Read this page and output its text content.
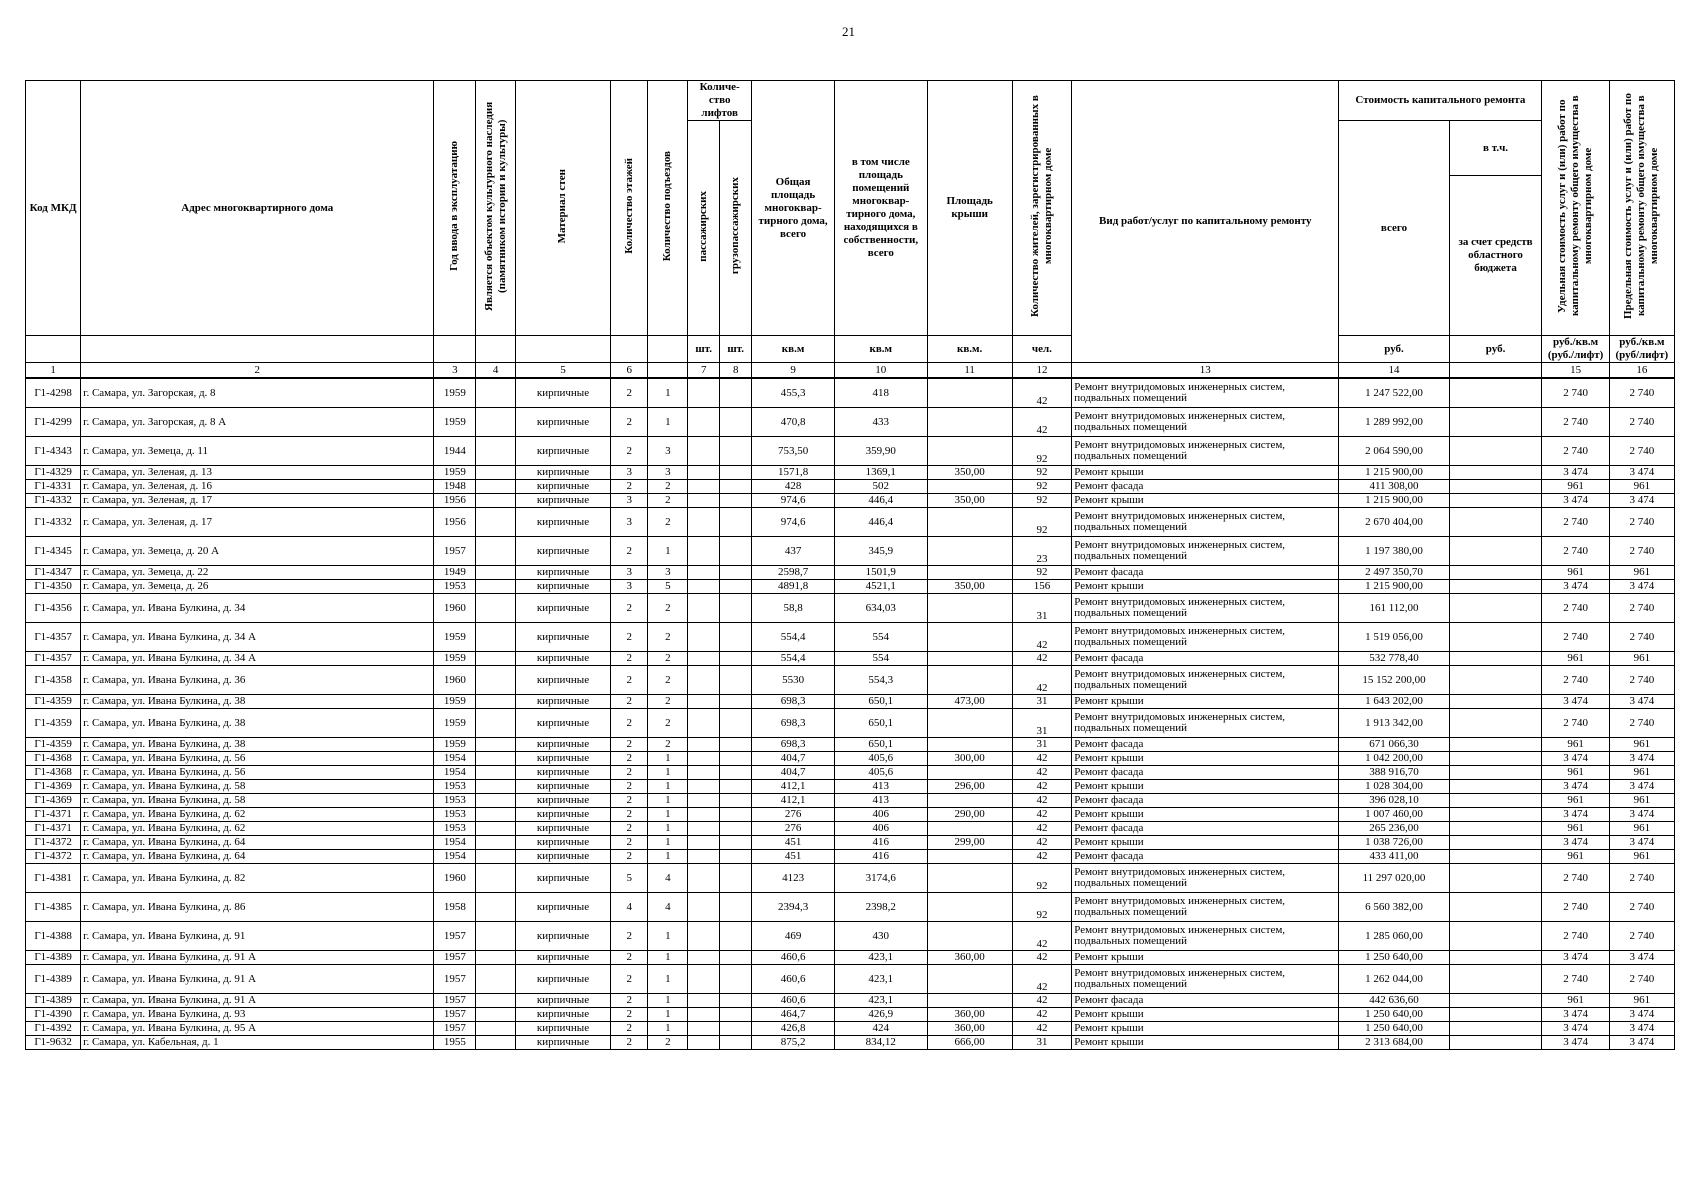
21
Код МКД	Адрес многоквартирного дома	Год ввода в эксплуатацию	Является объектом культурного наследия (памятником истории и культуры)	Материал стен	Количество этажей	Количество подъездов	Количе-ство лифтов		Общая площадь многоквар-тирного дома, всего	в том числе площадь помещений многоквар-тирного дома, находящихся в собственности, всего	Площадь крыши	Количество жителей, зарегистрированных в многоквартирном доме	Вид работ/услуг по капитальному ремонту	Стоимость капитального ремонта		Удельная стоимость услуг и (или) работ по капитальному ремонту общего имущества в многоквартирном доме	Предельная стоимость услуг и (или) работ по капитальному ремонту общего имущества в многоквартирном доме
							пассажирских	грузопассажирских						всего	в т.ч.		
															за счет средств областного бюджета		
							шт.	шт.	кв.м	кв.м	кв.м.	чел.		руб.	руб.	руб./кв.м (руб./лифт)	руб./кв.м (руб/лифт)
1	2	3	4	5	6		7	8	9	10	11	12	13	14		15	16
Г1-4298	г. Самара, ул. Загорская, д. 8	1959		кирпичные	2	1			455,3	418		42	Ремонт внутридомовых инженерных систем, подвальных помещений	1 247 522,00		2 740	2 740
Г1-4299	г. Самара, ул. Загорская, д. 8 А	1959		кирпичные	2	1			470,8	433		42	Ремонт внутридомовых инженерных систем, подвальных помещений	1 289 992,00		2 740	2 740
Г1-4343	г. Самара, ул. Земеца, д. 11	1944		кирпичные	2	3			753,50	359,90		92	Ремонт внутридомовых инженерных систем, подвальных помещений	2 064 590,00		2 740	2 740
Г1-4329	г. Самара, ул. Зеленая, д. 13	1959		кирпичные	3	3			1571,8	1369,1	350,00	92	Ремонт крыши	1 215 900,00		3 474	3 474
Г1-4331	г. Самара, ул. Зеленая, д. 16	1948		кирпичные	2	2			428	502		92	Ремонт фасада	411 308,00		961	961
Г1-4332	г. Самара, ул. Зеленая, д. 17	1956		кирпичные	3	2			974,6	446,4	350,00	92	Ремонт крыши	1 215 900,00		3 474	3 474
Г1-4332	г. Самара, ул. Зеленая, д. 17	1956		кирпичные	3	2			974,6	446,4		92	Ремонт внутридомовых инженерных систем, подвальных помещений	2 670 404,00		2 740	2 740
Г1-4345	г. Самара, ул. Земеца, д. 20 А	1957		кирпичные	2	1			437	345,9		23	Ремонт внутридомовых инженерных систем, подвальных помещений	1 197 380,00		2 740	2 740
Г1-4347	г. Самара, ул. Земеца, д. 22	1949		кирпичные	3	3			2598,7	1501,9		92	Ремонт фасада	2 497 350,70		961	961
Г1-4350	г. Самара, ул. Земеца, д. 26	1953		кирпичные	3	5			4891,8	4521,1	350,00	156	Ремонт крыши	1 215 900,00		3 474	3 474
Г1-4356	г. Самара, ул. Ивана Булкина, д. 34	1960		кирпичные	2	2			58,8	634,03		31	Ремонт внутридомовых инженерных систем, подвальных помещений	161 112,00		2 740	2 740
Г1-4357	г. Самара, ул. Ивана Булкина, д. 34 А	1959		кирпичные	2	2			554,4	554		42	Ремонт внутридомовых инженерных систем, подвальных помещений	1 519 056,00		2 740	2 740
Г1-4357	г. Самара, ул. Ивана Булкина, д. 34 А	1959		кирпичные	2	2			554,4	554		42	Ремонт фасада	532 778,40		961	961
Г1-4358	г. Самара, ул. Ивана Булкина, д. 36	1960		кирпичные	2	2			5530	554,3		42	Ремонт внутридомовых инженерных систем, подвальных помещений	15 152 200,00		2 740	2 740
Г1-4359	г. Самара, ул. Ивана Булкина, д. 38	1959		кирпичные	2	2			698,3	650,1	473,00	31	Ремонт крыши	1 643 202,00		3 474	3 474
Г1-4359	г. Самара, ул. Ивана Булкина, д. 38	1959		кирпичные	2	2			698,3	650,1		31	Ремонт внутридомовых инженерных систем, подвальных помещений	1 913 342,00		2 740	2 740
Г1-4359	г. Самара, ул. Ивана Булкина, д. 38	1959		кирпичные	2	2			698,3	650,1		31	Ремонт фасада	671 066,30		961	961
Г1-4368	г. Самара, ул. Ивана Булкина, д. 56	1954		кирпичные	2	1			404,7	405,6	300,00	42	Ремонт крыши	1 042 200,00		3 474	3 474
Г1-4368	г. Самара, ул. Ивана Булкина, д. 56	1954		кирпичные	2	1			404,7	405,6		42	Ремонт фасада	388 916,70		961	961
Г1-4369	г. Самара, ул. Ивана Булкина, д. 58	1953		кирпичные	2	1			412,1	413	296,00	42	Ремонт крыши	1 028 304,00		3 474	3 474
Г1-4369	г. Самара, ул. Ивана Булкина, д. 58	1953		кирпичные	2	1			412,1	413		42	Ремонт фасада	396 028,10		961	961
Г1-4371	г. Самара, ул. Ивана Булкина, д. 62	1953		кирпичные	2	1			276	406	290,00	42	Ремонт крыши	1 007 460,00		3 474	3 474
Г1-4371	г. Самара, ул. Ивана Булкина, д. 62	1953		кирпичные	2	1			276	406		42	Ремонт фасада	265 236,00		961	961
Г1-4372	г. Самара, ул. Ивана Булкина, д. 64	1954		кирпичные	2	1			451	416	299,00	42	Ремонт крыши	1 038 726,00		3 474	3 474
Г1-4372	г. Самара, ул. Ивана Булкина, д. 64	1954		кирпичные	2	1			451	416		42	Ремонт фасада	433 411,00		961	961
Г1-4381	г. Самара, ул. Ивана Булкина, д. 82	1960		кирпичные	5	4			4123	3174,6		92	Ремонт внутридомовых инженерных систем, подвальных помещений	11 297 020,00		2 740	2 740
Г1-4385	г. Самара, ул. Ивана Булкина, д. 86	1958		кирпичные	4	4			2394,3	2398,2		92	Ремонт внутридомовых инженерных систем, подвальных помещений	6 560 382,00		2 740	2 740
Г1-4388	г. Самара, ул. Ивана Булкина, д. 91	1957		кирпичные	2	1			469	430		42	Ремонт внутридомовых инженерных систем, подвальных помещений	1 285 060,00		2 740	2 740
Г1-4389	г. Самара, ул. Ивана Булкина, д. 91 А	1957		кирпичные	2	1			460,6	423,1	360,00	42	Ремонт крыши	1 250 640,00		3 474	3 474
Г1-4389	г. Самара, ул. Ивана Булкина, д. 91 А	1957		кирпичные	2	1			460,6	423,1		42	Ремонт внутридомовых инженерных систем, подвальных помещений	1 262 044,00		2 740	2 740
Г1-4389	г. Самара, ул. Ивана Булкина, д. 91 А	1957		кирпичные	2	1			460,6	423,1		42	Ремонт фасада	442 636,60		961	961
Г1-4390	г. Самара, ул. Ивана Булкина, д. 93	1957		кирпичные	2	1			464,7	426,9	360,00	42	Ремонт крыши	1 250 640,00		3 474	3 474
Г1-4392	г. Самара, ул. Ивана Булкина, д. 95 А	1957		кирпичные	2	1			426,8	424	360,00	42	Ремонт крыши	1 250 640,00		3 474	3 474
Г1-9632	г. Самара, ул. Кабельная, д. 1	1955		кирпичные	2	2			875,2	834,12	666,00	31	Ремонт крыши	2 313 684,00		3 474	3 474
